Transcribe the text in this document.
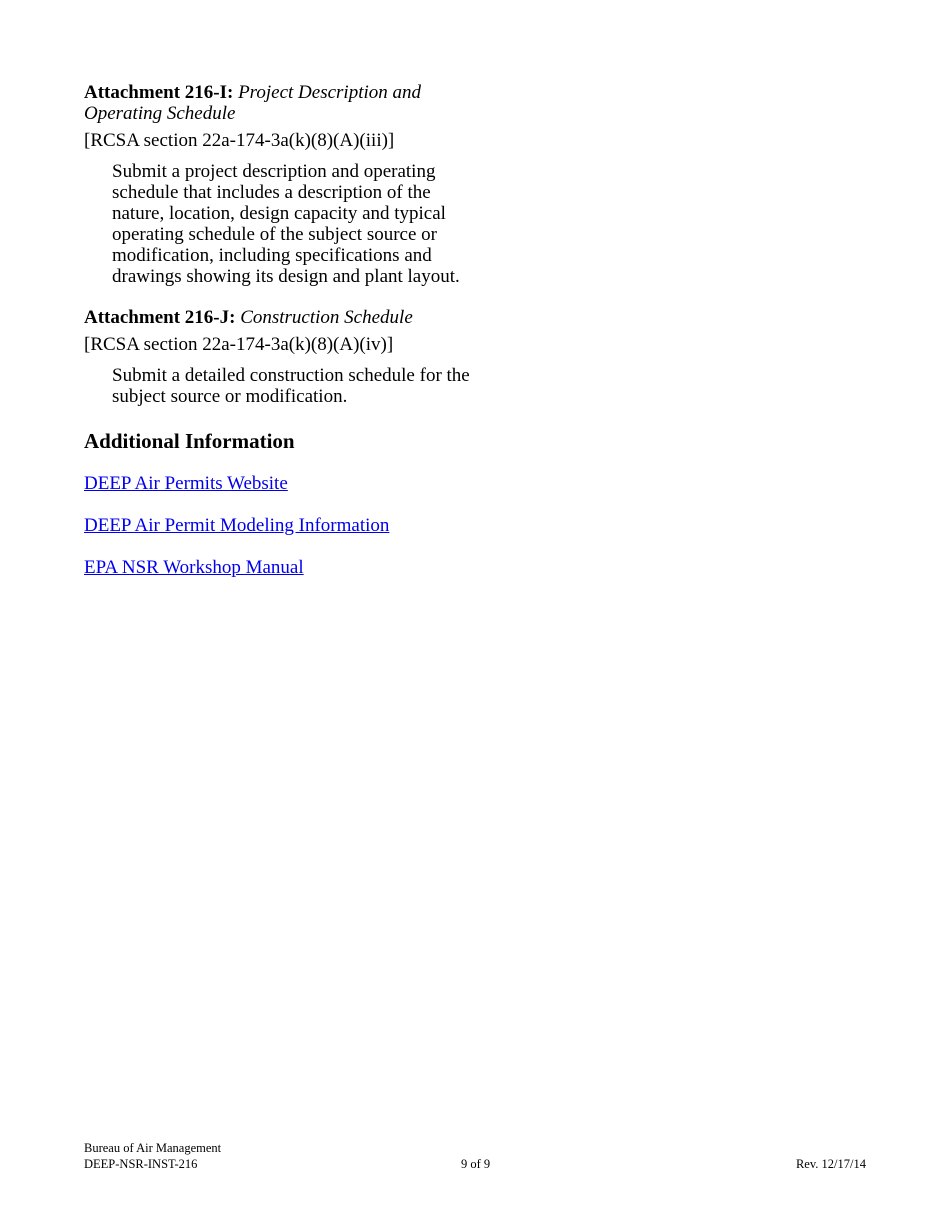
Attachment 216-I: Project Description and Operating Schedule

[RCSA section 22a-174-3a(k)(8)(A)(iii)]

Submit a project description and operating schedule that includes a description of the nature, location, design capacity and typical operating schedule of the subject source or modification, including specifications and drawings showing its design and plant layout.

Attachment 216-J: Construction Schedule

[RCSA section 22a-174-3a(k)(8)(A)(iv)]

Submit a detailed construction schedule for the subject source or modification.

Additional Information
DEEP Air Permits Website
DEEP Air Permit Modeling Information
EPA NSR Workshop Manual
Bureau of Air Management
DEEP-NSR-INST-216	9 of 9	Rev. 12/17/14
